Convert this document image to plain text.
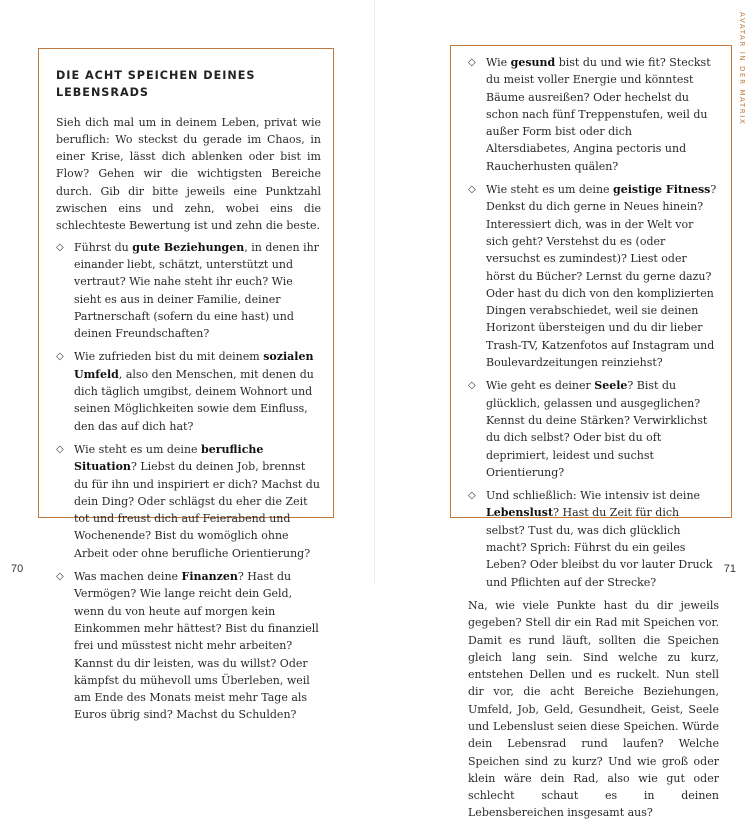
DIE ACHT SPEICHEN DEINES LEBENSRADS

Sieh dich mal um in deinem Leben, privat wie beruflich: Wo steckst du gerade im Chaos, in einer Krise, lässt dich ablenken oder bist im Flow? Gehen wir die wichtigsten Bereiche durch. Gib dir bitte jeweils eine Punktzahl zwischen eins und zehn, wobei eins die schlechteste Bewertung ist und zehn die beste.

◇ Führst du gute Beziehungen, in denen ihr einander liebt, schätzt, unterstützt und vertraut? Wie nahe steht ihr euch? Wie sieht es aus in deiner Familie, deiner Partnerschaft (sofern du eine hast) und deinen Freundschaften?
◇ Wie zufrieden bist du mit deinem sozialen Umfeld, also den Menschen, mit denen du dich täglich umgibst, deinem Wohnort und seinen Möglichkeiten sowie dem Einfluss, den das auf dich hat?
◇ Wie steht es um deine berufliche Situation? Liebst du deinen Job, brennst du für ihn und inspiriert er dich? Machst du dein Ding? Oder schlägst du eher die Zeit tot und freust dich auf Feierabend und Wochenende? Bist du womöglich ohne Arbeit oder ohne berufliche Orientierung?
◇ Was machen deine Finanzen? Hast du Vermögen? Wie lange reicht dein Geld, wenn du von heute auf morgen kein Einkommen mehr hättest? Bist du finanziell frei und müsstest nicht mehr arbeiten? Kannst du dir leisten, was du willst? Oder kämpfst du mühevoll ums Überleben, weil am Ende des Monats meist mehr Tage als Euros übrig sind? Machst du Schulden?
70
AVATAR IN DER MATRIX
◇ Wie gesund bist du und wie fit? Steckst du meist voller Energie und könntest Bäume ausreißen? Oder hechelst du schon nach fünf Treppenstufen, weil du außer Form bist oder dich Altersdiabetes, Angina pectoris und Raucherhusten quälen?
◇ Wie steht es um deine geistige Fitness? Denkst du dich gerne in Neues hinein? Interessiert dich, was in der Welt vor sich geht? Verstehst du es (oder versuchst es zumindest)? Liest oder hörst du Bücher? Lernst du gerne dazu? Oder hast du dich von den komplizierten Dingen verabschiedet, weil sie deinen Horizont übersteigen und du dir lieber Trash-TV, Katzenfotos auf Instagram und Boulevardzeitungen reinziehst?
◇ Wie geht es deiner Seele? Bist du glücklich, gelassen und ausgeglichen? Kennst du deine Stärken? Verwirklichst du dich selbst? Oder bist du oft deprimiert, leidest und suchst Orientierung?
◇ Und schließlich: Wie intensiv ist deine Lebenslust? Hast du Zeit für dich selbst? Tust du, was dich glücklich macht? Sprich: Führst du ein geiles Leben? Oder bleibst du vor lauter Druck und Pflichten auf der Strecke?

Na, wie viele Punkte hast du dir jeweils gegeben? Stell dir ein Rad mit Speichen vor. Damit es rund läuft, sollten die Speichen gleich lang sein. Sind welche zu kurz, entstehen Dellen und es ruckelt. Nun stell dir vor, die acht Bereiche Beziehungen, Umfeld, Job, Geld, Gesundheit, Geist, Seele und Lebenslust seien diese Speichen. Würde dein Lebensrad rund laufen? Welche Speichen sind zu kurz? Und wie groß oder klein wäre dein Rad, also wie gut oder schlecht schaut es in deinen Lebensbereichen insgesamt aus?

71
